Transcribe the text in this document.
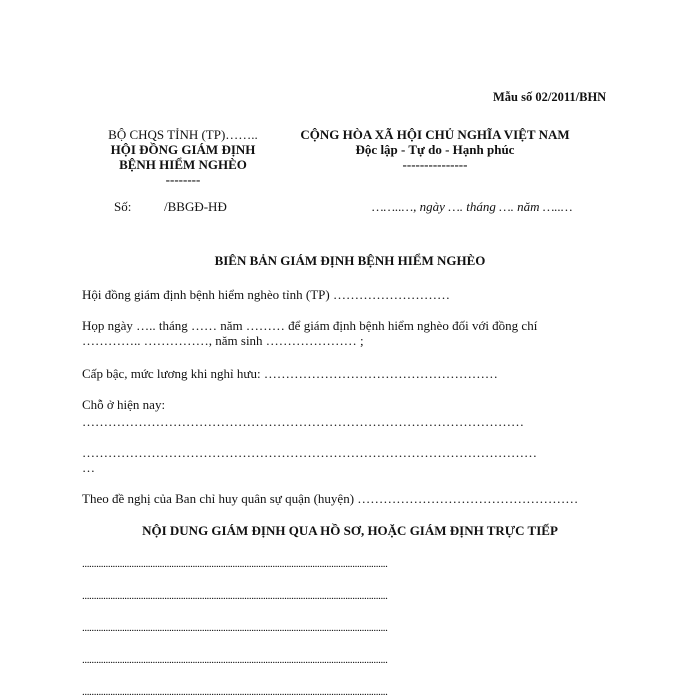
Mẫu số 02/2011/BHN
BỘ CHQS TỈNH (TP)……..
HỘI ĐỒNG GIÁM ĐỊNH
BỆNH HIỂM NGHÈO
--------
CỘNG HÒA XÃ HỘI CHỦ NGHĨA VIỆT NAM
Độc lập - Tự do - Hạnh phúc
---------------
Số:	/BBGĐ-HĐ	……..…, ngày …. tháng …. năm …..…
BIÊN BẢN GIÁM ĐỊNH BỆNH HIỂM NGHÈO
Hội đồng giám định bệnh hiểm nghèo tỉnh (TP) ………………………
Họp ngày ….. tháng …… năm ……… để giám định bệnh hiểm nghèo đối với đồng chí
………….. ……………, năm sinh ………………… ;
Cấp bậc, mức lương khi nghỉ hưu: ………………………………………………
Chỗ ở hiện nay:
…………………………………………………………………………………………
……………………………………………………………………………………………
…
Theo đề nghị của Ban chỉ huy quân sự quận (huyện) ……………………………………………
NỘI DUNG GIÁM ĐỊNH QUA HỒ SƠ, HOẶC GIÁM ĐỊNH TRỰC TIẾP
..................................................................................................................................
..................................................................................................................................
..................................................................................................................................
..................................................................................................................................
..................................................................................................................................
